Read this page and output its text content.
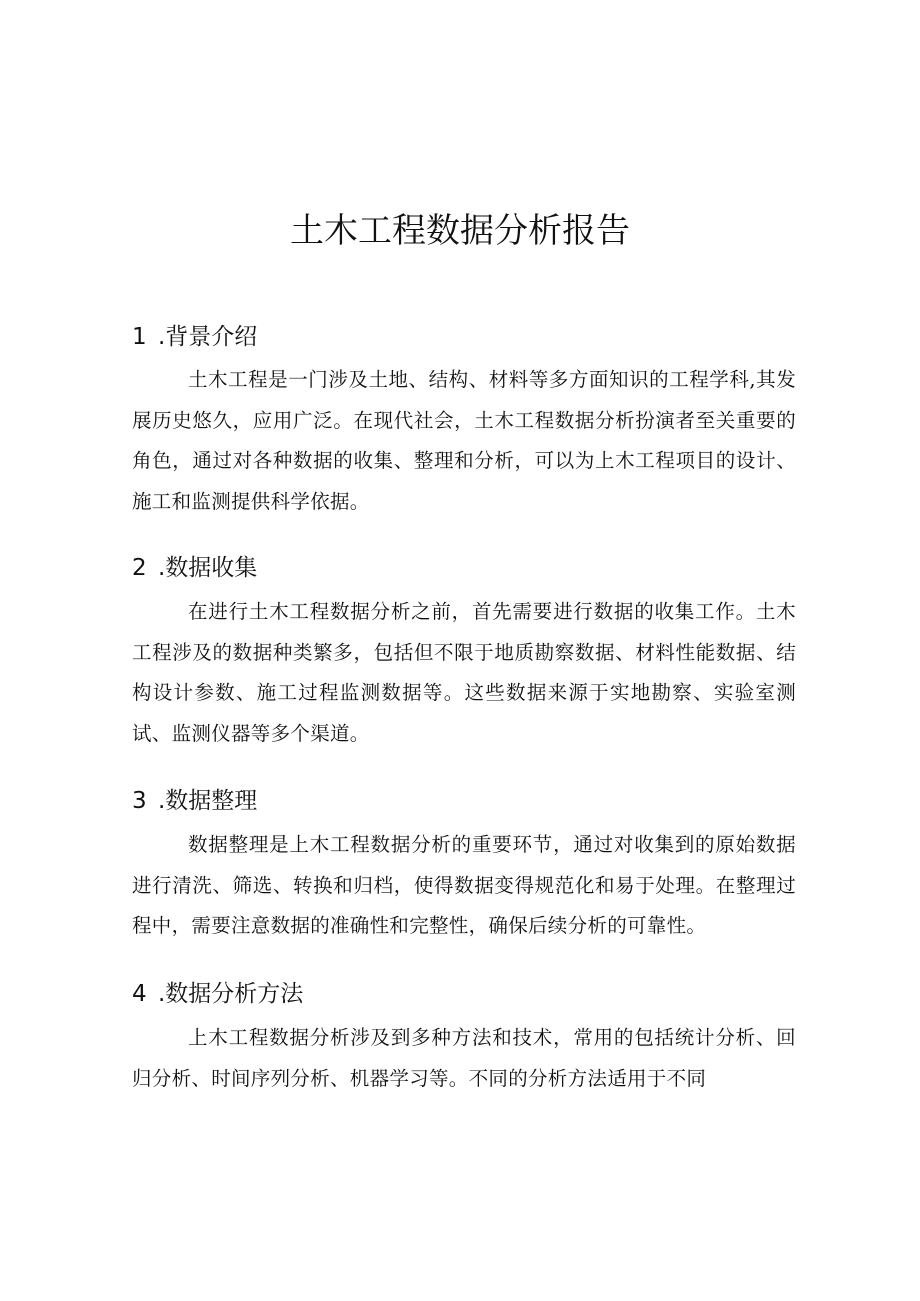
土木工程数据分析报告
1 .背景介绍

土木工程是一门涉及土地、结构、材料等多方面知识的工程学科,其发展历史悠久，应用广泛。在现代社会，土木工程数据分析扮演者至关重要的角色，通过对各种数据的收集、整理和分析，可以为上木工程项目的设计、施工和监测提供科学依据。

2 .数据收集

在进行土木工程数据分析之前，首先需要进行数据的收集工作。土木工程涉及的数据种类繁多，包括但不限于地质勘察数据、材料性能数据、结构设计参数、施工过程监测数据等。这些数据来源于实地勘察、实验室测试、监测仪器等多个渠道。

3 .数据整理

数据整理是上木工程数据分析的重要环节，通过对收集到的原始数据进行清洗、筛选、转换和归档，使得数据变得规范化和易于处理。在整理过程中，需要注意数据的准确性和完整性，确保后续分析的可靠性。

4 .数据分析方法

上木工程数据分析涉及到多种方法和技术，常用的包括统计分析、回归分析、时间序列分析、机器学习等。不同的分析方法适用于不同
